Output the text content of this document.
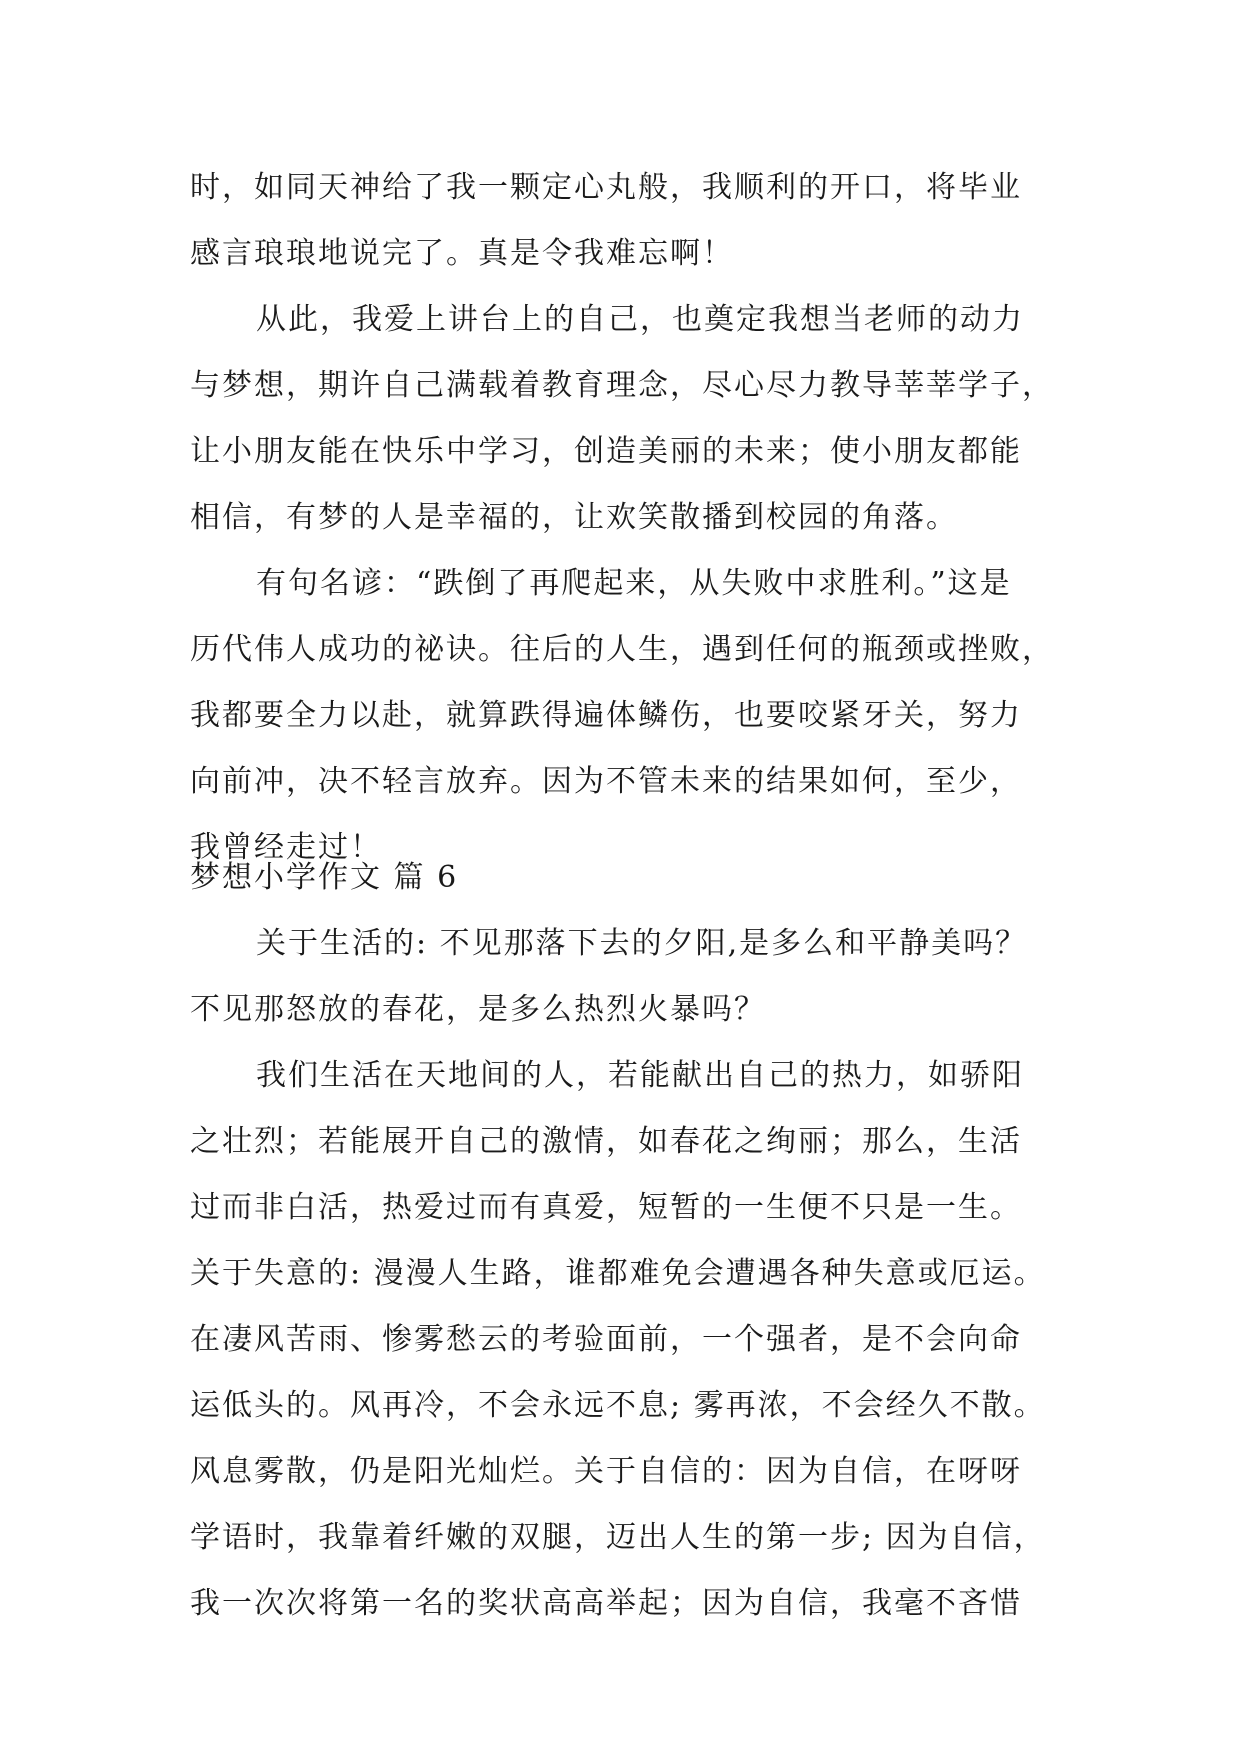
时，如同天神给了我一颗定心丸般，我顺利的开口，将毕业
感言琅琅地说完了。真是令我难忘啊！
从此，我爱上讲台上的自己，也奠定我想当老师的动力
与梦想，期许自己满载着教育理念，尽心尽力教导莘莘学子，
让小朋友能在快乐中学习，创造美丽的未来；使小朋友都能
相信，有梦的人是幸福的，让欢笑散播到校园的角落。
有句名谚：“跌倒了再爬起来，从失败中求胜利。”这是
历代伟人成功的祕诀。往后的人生，遇到任何的瓶颈或挫败，
我都要全力以赴，就算跌得遍体鳞伤，也要咬紧牙关，努力
向前冲，决不轻言放弃。因为不管未来的结果如何，至少，
我曾经走过！
梦想小学作文 篇 6
关于生活的: 不见那落下去的夕阳,是多么和平静美吗？
不见那怒放的春花，是多么热烈火暴吗？
我们生活在天地间的人，若能献出自己的热力，如骄阳
之壮烈；若能展开自己的激情，如春花之绚丽；那么，生活
过而非白活，热爱过而有真爱，短暂的一生便不只是一生。
关于失意的: 漫漫人生路，谁都难免会遭遇各种失意或厄运。
在凄风苦雨、惨雾愁云的考验面前，一个强者，是不会向命
运低头的。风再冷，不会永远不息; 雾再浓，不会经久不散。
风息雾散，仍是阳光灿烂。关于自信的：因为自信，在呀呀
学语时，我靠着纤嫩的双腿，迈出人生的第一步; 因为自信，
我一次次将第一名的奖状高高举起；因为自信，我毫不吝惜
